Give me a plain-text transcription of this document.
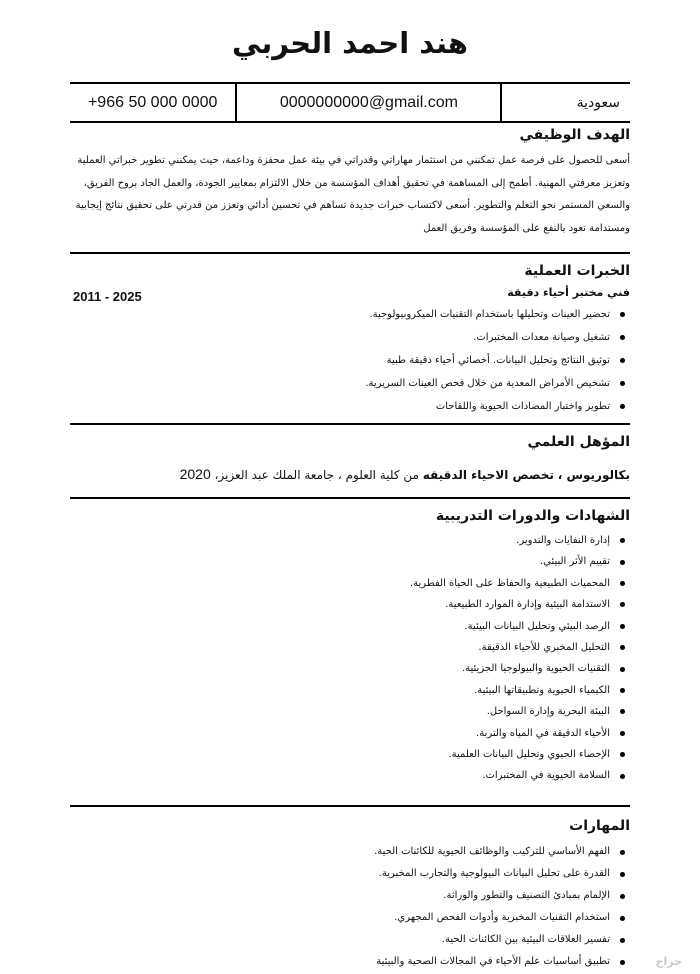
هند احمد الحربي
+966 50 000 0000	0000000000@gmail.com	سعودية
الهدف الوظيفي
أسعى للحصول على فرصة عمل تمكنني من استثمار مهاراتي وقدراتي في بيئة عمل محفزة وداعمة، حيث يمكنني تطوير خبراتي العملية
وتعزيز معرفتي المهنية. أطمح إلى المساهمة في تحقيق أهداف المؤسسة من خلال الالتزام بمعايير الجودة، والعمل الجاد بروح الفريق،
والسعي المستمر نحو التعلم والتطوير. أسعى لاكتساب خبرات جديدة تساهم في تحسين أدائي وتعزز من قدرتي على تحقيق نتائج إيجابية
ومستدامة تعود بالنفع على المؤسسة وفريق العمل
الخبرات العملية
فني مختبر أحياء دقيقة
2011 - 2025
تحضير العينات وتحليلها باستخدام التقنيات الميكروبيولوجية.
تشغيل وصيانة معدات المختبرات.
توثيق النتائج وتحليل البيانات. أخصائي أحياء دقيقة طبية
تشخيص الأمراض المعدية من خلال فحص العينات السريرية.
تطوير واختبار المضادات الحيوية واللقاحات
المؤهل العلمي
بكالوريوس ، تخصص الاحياء الدقيقه من كلية العلوم ، جامعة الملك عبد العزيز، 2020
الشهادات والدورات التدريبية
إدارة النفايات والتدوير.
تقييم الأثر البيئي.
المحميات الطبيعية والحفاظ على الحياة الفطرية.
الاستدامة البيئية وإدارة الموارد الطبيعية.
الرصد البيئي وتحليل البيانات البيئية.
التحليل المخبري للأحياء الدقيقة.
التقنيات الحيوية والبيولوجيا الجزيئية.
الكيمياء الحيوية وتطبيقاتها البيئية.
البيئة البحرية وإدارة السواحل.
الأحياء الدقيقة في المياه والتربة.
الإحصاء الحيوي وتحليل البيانات العلمية.
السلامة الحيوية في المختبرات.
المهارات
الفهم الأساسي للتركيب والوظائف الحيوية للكائنات الحية.
القدرة على تحليل البيانات البيولوجية والتجارب المخبرية.
الإلمام بمبادئ التصنيف والتطور والوراثة.
استخدام التقنيات المخبرية وأدوات الفحص المجهري.
تفسير العلاقات البيئية بين الكائنات الحية.
تطبيق أساسيات علم الأحياء في المجالات الصحية والبيئية	حراج
